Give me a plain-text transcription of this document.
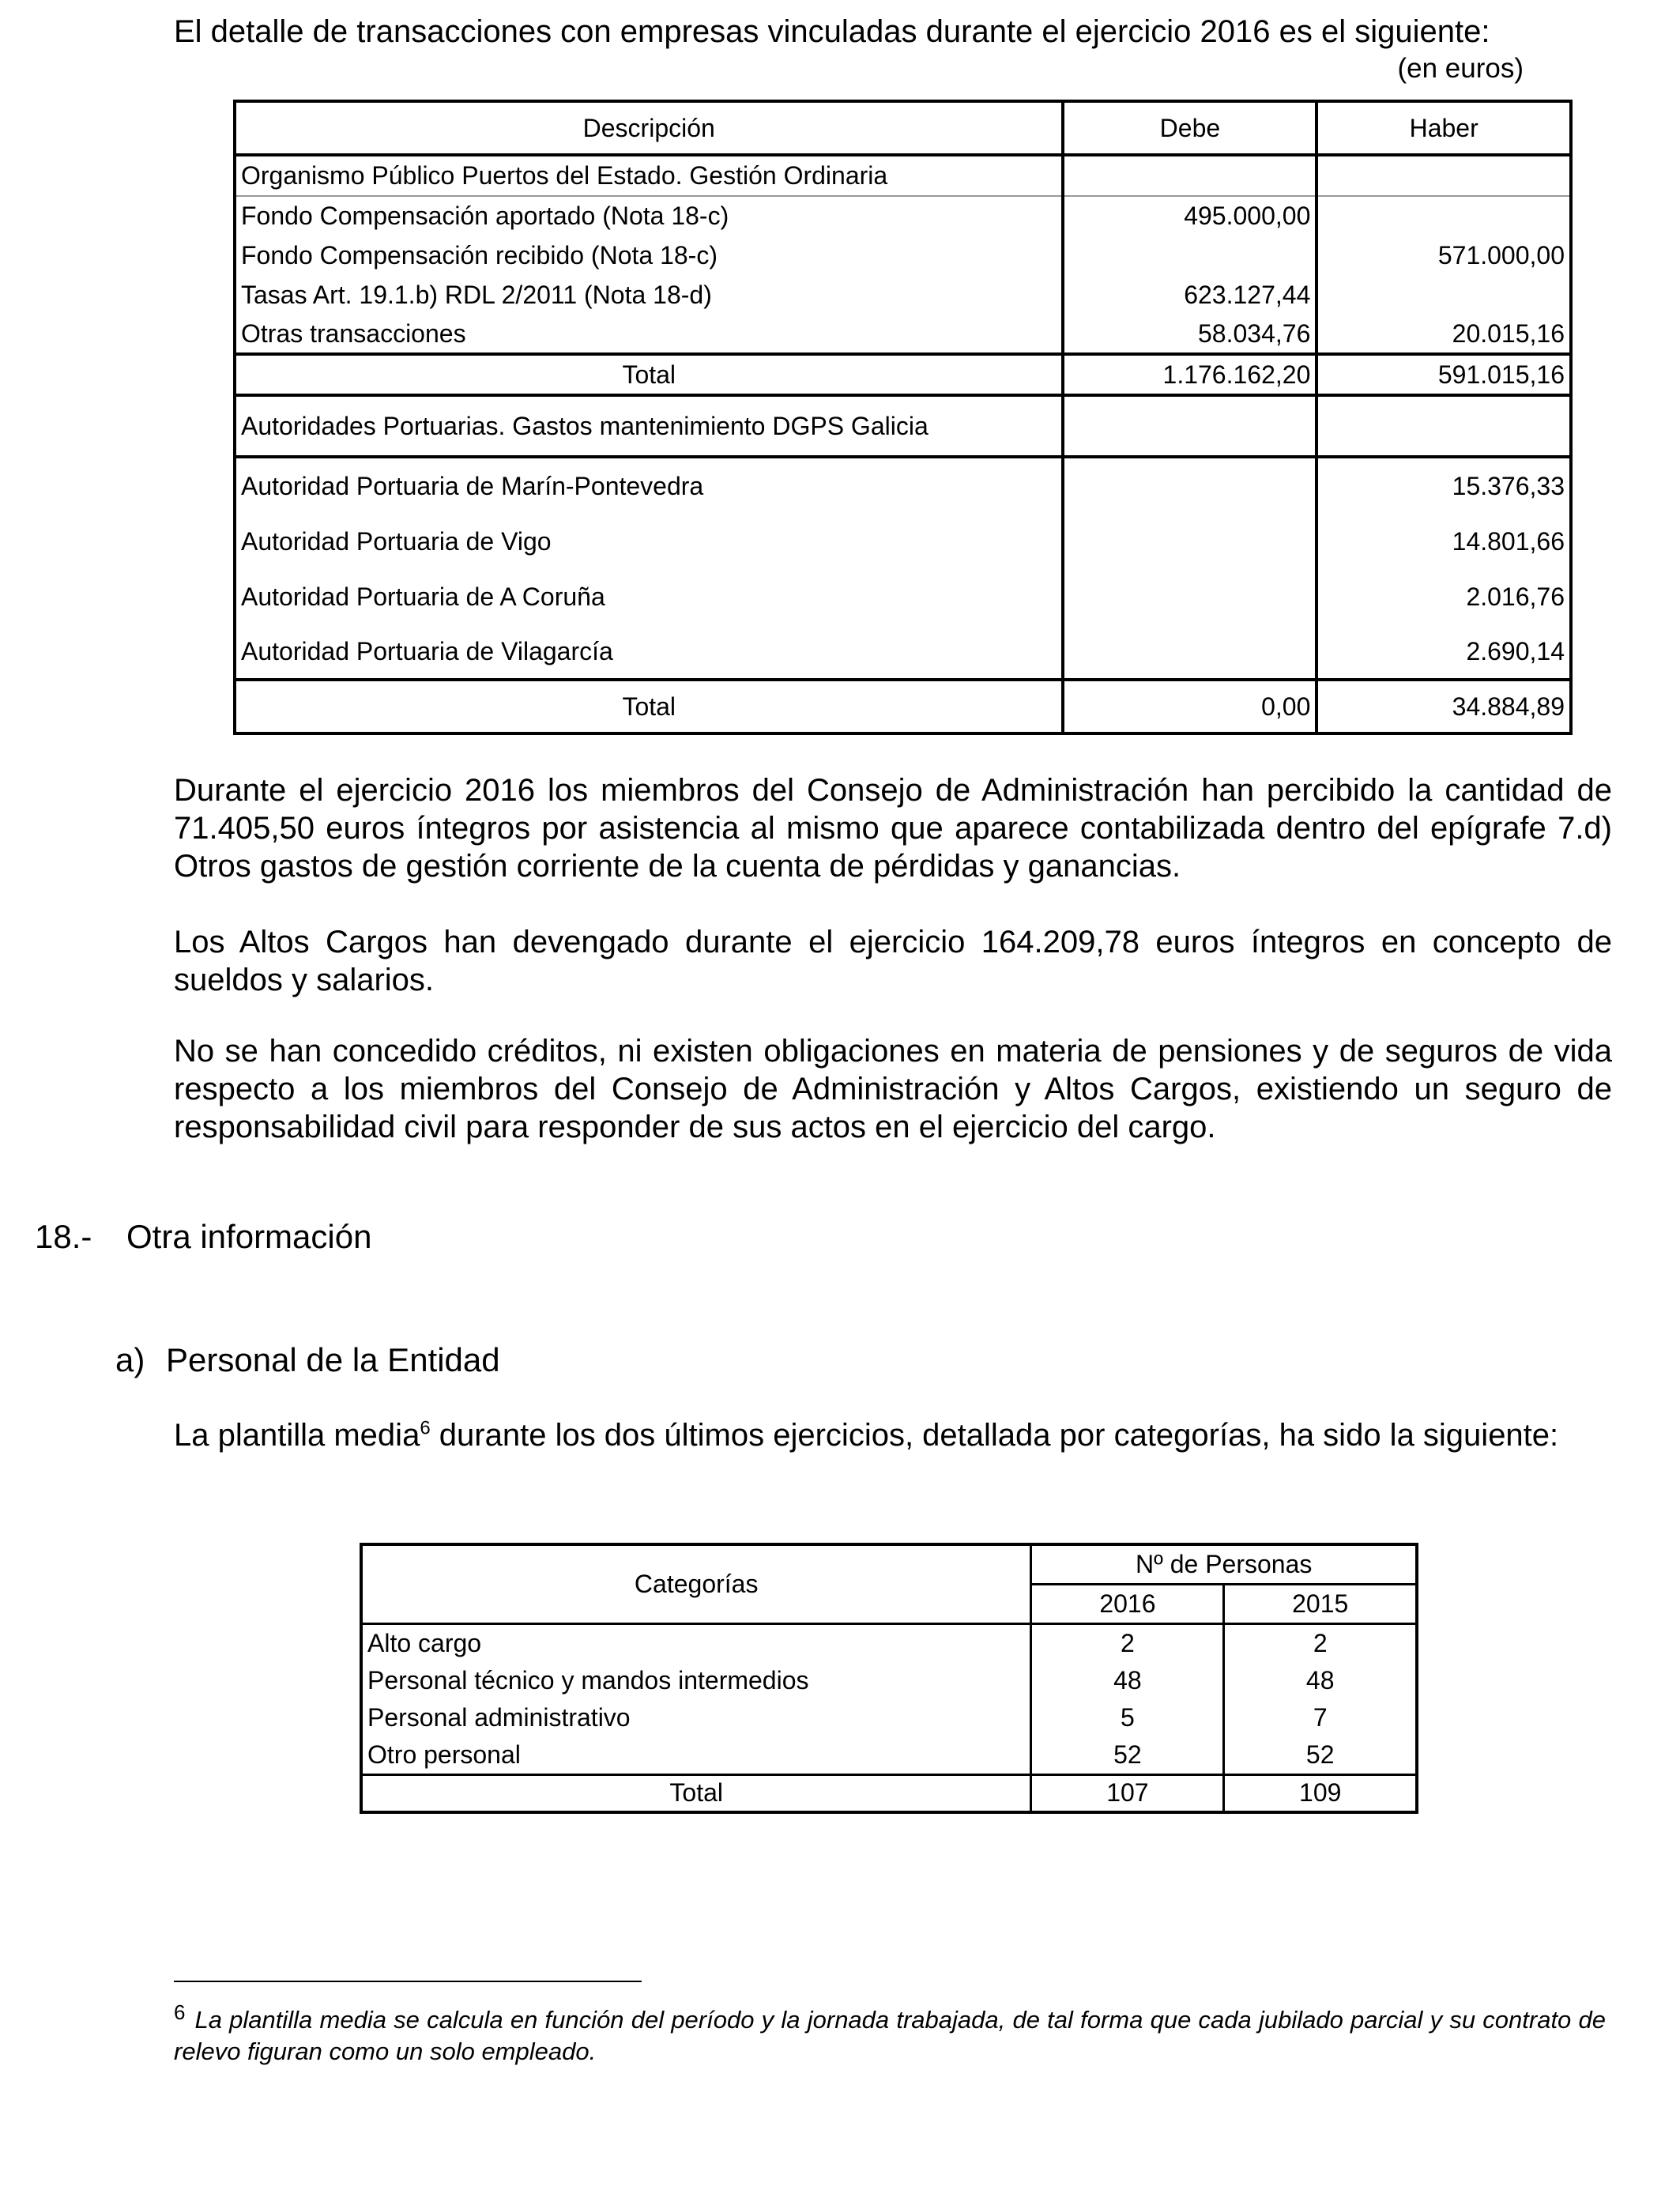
El detalle de transacciones con empresas vinculadas durante el ejercicio 2016 es el siguiente:
(en euros)
Descripción	Debe	Haber
Organismo Público Puertos del Estado. Gestión Ordinaria		
Fondo Compensación aportado (Nota 18-c)	495.000,00	
Fondo Compensación recibido (Nota 18-c)		571.000,00
Tasas Art. 19.1.b) RDL 2/2011 (Nota 18-d)	623.127,44	
Otras transacciones	58.034,76	20.015,16
Total	1.176.162,20	591.015,16
Autoridades Portuarias. Gastos mantenimiento DGPS Galicia		
Autoridad Portuaria de Marín-Pontevedra		15.376,33
Autoridad Portuaria de Vigo		14.801,66
Autoridad Portuaria de A Coruña		2.016,76
Autoridad Portuaria de Vilagarcía		2.690,14
Total	0,00	34.884,89
Durante el ejercicio 2016 los miembros del Consejo de Administración han percibido la cantidad de 71.405,50 euros íntegros por asistencia al mismo que aparece contabilizada dentro del epígrafe 7.d) Otros gastos de gestión corriente de la cuenta de pérdidas y ganancias.
Los Altos Cargos han devengado durante el ejercicio 164.209,78 euros íntegros en concepto de sueldos y salarios.
No se han concedido créditos, ni existen obligaciones en materia de pensiones y de seguros de vida respecto a los miembros del Consejo de Administración y Altos Cargos, existiendo un seguro de responsabilidad civil para responder de sus actos en el ejercicio del cargo.
18.- Otra información
a) Personal de la Entidad
La plantilla media$^6$ durante los dos últimos ejercicios, detallada por categorías, ha sido la siguiente:
Categorías	Nº de Personas	
	2016	2015
Alto cargo	2	2
Personal técnico y mandos intermedios	48	48
Personal administrativo	5	7
Otro personal	52	52
Total	107	109
$^6$ La plantilla media se calcula en función del período y la jornada trabajada, de tal forma que cada jubilado parcial y su contrato de relevo figuran como un solo empleado.
